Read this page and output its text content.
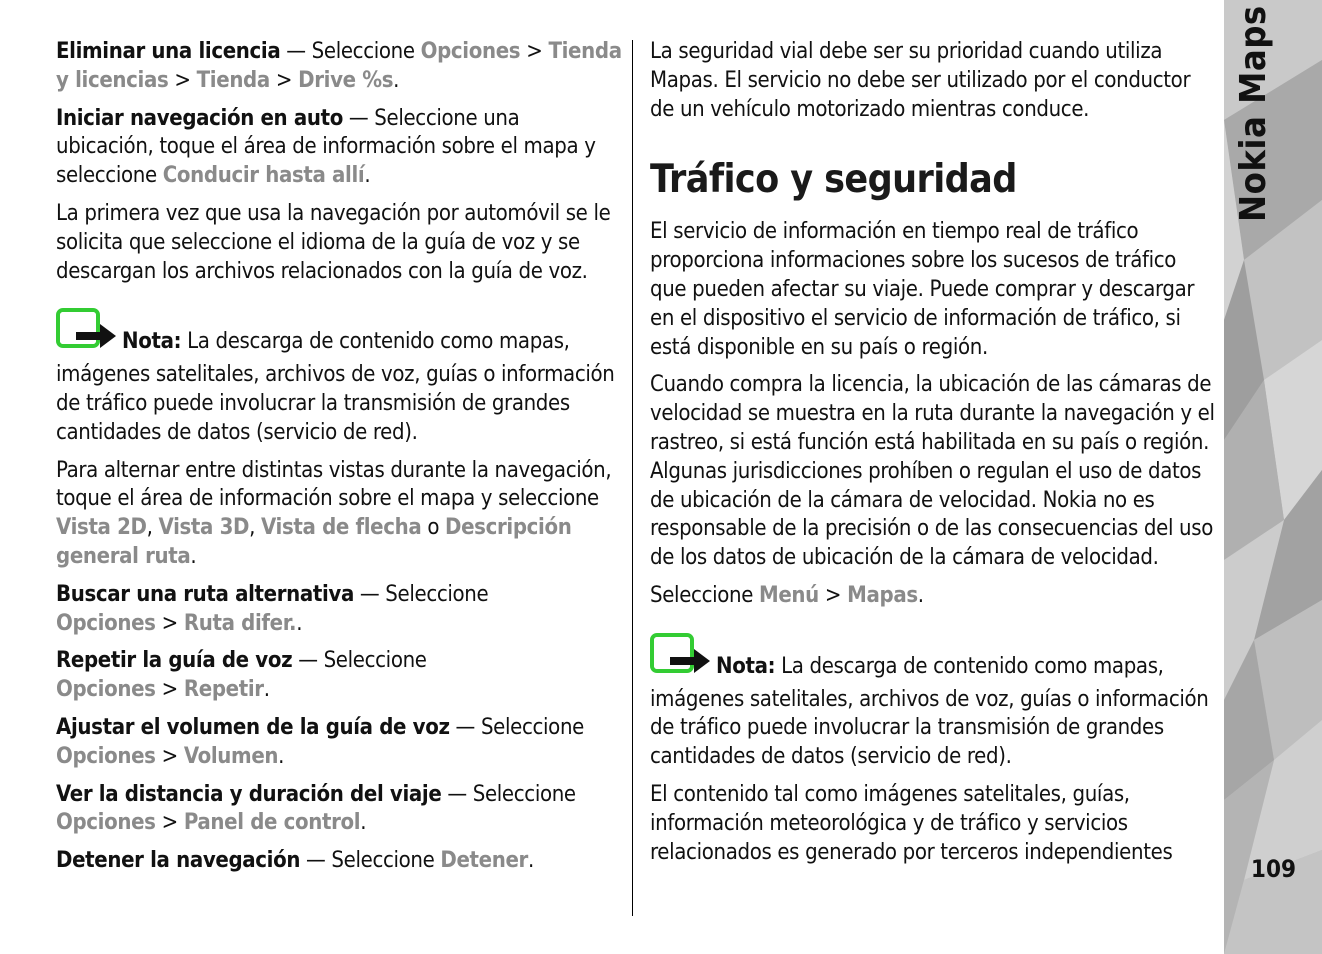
Eliminar una licencia — Seleccione Opciones > Tienda y licencias > Tienda > Drive %s.

Iniciar navegación en auto — Seleccione una ubicación, toque el área de información sobre el mapa y seleccione Conducir hasta allí.

La primera vez que usa la navegación por automóvil se le solicita que seleccione el idioma de la guía de voz y se descargan los archivos relacionados con la guía de voz.

Nota: La descarga de contenido como mapas, imágenes satelitales, archivos de voz, guías o información de tráfico puede involucrar la transmisión de grandes cantidades de datos (servicio de red).

Para alternar entre distintas vistas durante la navegación, toque el área de información sobre el mapa y seleccione Vista 2D, Vista 3D, Vista de flecha o Descripción general ruta.

Buscar una ruta alternativa — Seleccione Opciones > Ruta difer..

Repetir la guía de voz — Seleccione Opciones > Repetir.

Ajustar el volumen de la guía de voz — Seleccione Opciones > Volumen.

Ver la distancia y duración del viaje — Seleccione Opciones > Panel de control.

Detener la navegación — Seleccione Detener.

La seguridad vial debe ser su prioridad cuando utiliza Mapas. El servicio no debe ser utilizado por el conductor de un vehículo motorizado mientras conduce.

Tráfico y seguridad

El servicio de información en tiempo real de tráfico proporciona informaciones sobre los sucesos de tráfico que pueden afectar su viaje. Puede comprar y descargar en el dispositivo el servicio de información de tráfico, si está disponible en su país o región.

Cuando compra la licencia, la ubicación de las cámaras de velocidad se muestra en la ruta durante la navegación y el rastreo, si está función está habilitada en su país o región. Algunas jurisdicciones prohíben o regulan el uso de datos de ubicación de la cámara de velocidad. Nokia no es responsable de la precisión o de las consecuencias del uso de los datos de ubicación de la cámara de velocidad.

Seleccione Menú > Mapas.

Nota: La descarga de contenido como mapas, imágenes satelitales, archivos de voz, guías o información de tráfico puede involucrar la transmisión de grandes cantidades de datos (servicio de red).

El contenido tal como imágenes satelitales, guías, información meteorológica y de tráfico y servicios relacionados es generado por terceros independientes

Nokia Maps
109
